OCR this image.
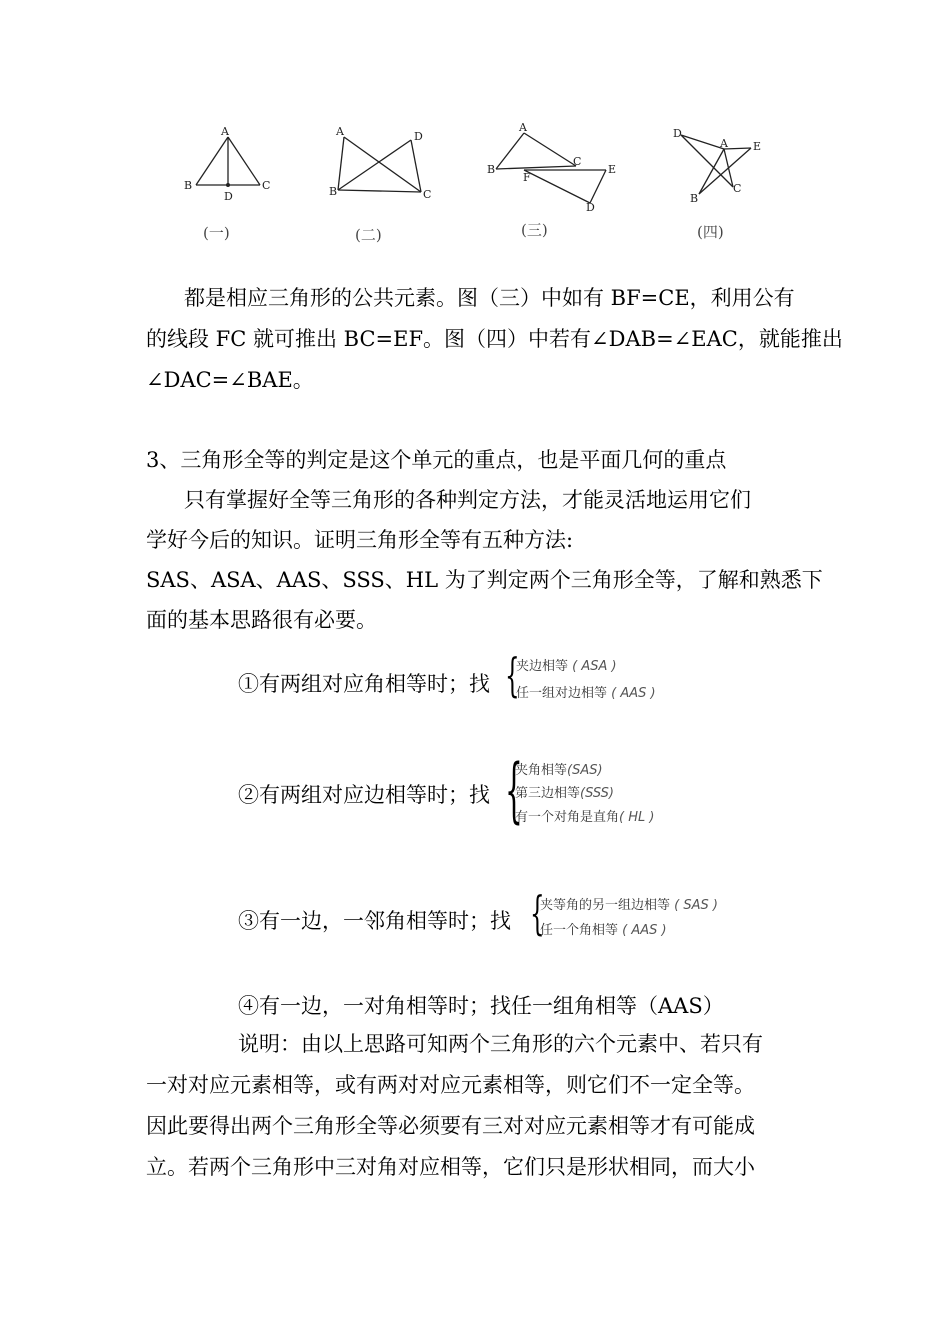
A
B	C
D
A
B	C
D
A
B
C
D
E
F
D
A E
B
C
(一)	(二)	(三)	(四)
都是相应三角形的公共元素。图（三）中如有 BF=CE，利用公有
的线段 FC 就可推出 BC=EF。图（四）中若有∠DAB=∠EAC，就能推出
∠DAC=∠BAE。
3、三角形全等的判定是这个单元的重点，也是平面几何的重点
只有掌握好全等三角形的各种判定方法，才能灵活地运用它们
学好今后的知识。证明三角形全等有五种方法:
SAS、ASA、AAS、SSS、HL 为了判定两个三角形全等，了解和熟悉下
面的基本思路很有必要。
①有两组对应角相等时；找 {
夹边相等 ( ASA )
任一组对边相等 ( AAS )
②有两组对应边相等时；找 {
夹角相等(SAS)
第三边相等(SSS)
有一个对角是直角( HL )
③有一边，一邻角相等时；找 {
夹等角的另一组边相等 ( SAS )
任一个角相等 ( AAS )
④有一边，一对角相等时；找任一组角相等（AAS）
说明：由以上思路可知两个三角形的六个元素中、若只有
一对对应元素相等，或有两对对应元素相等，则它们不一定全等。
因此要得出两个三角形全等必须要有三对对应元素相等才有可能成
立。若两个三角形中三对角对应相等，它们只是形状相同，而大小
